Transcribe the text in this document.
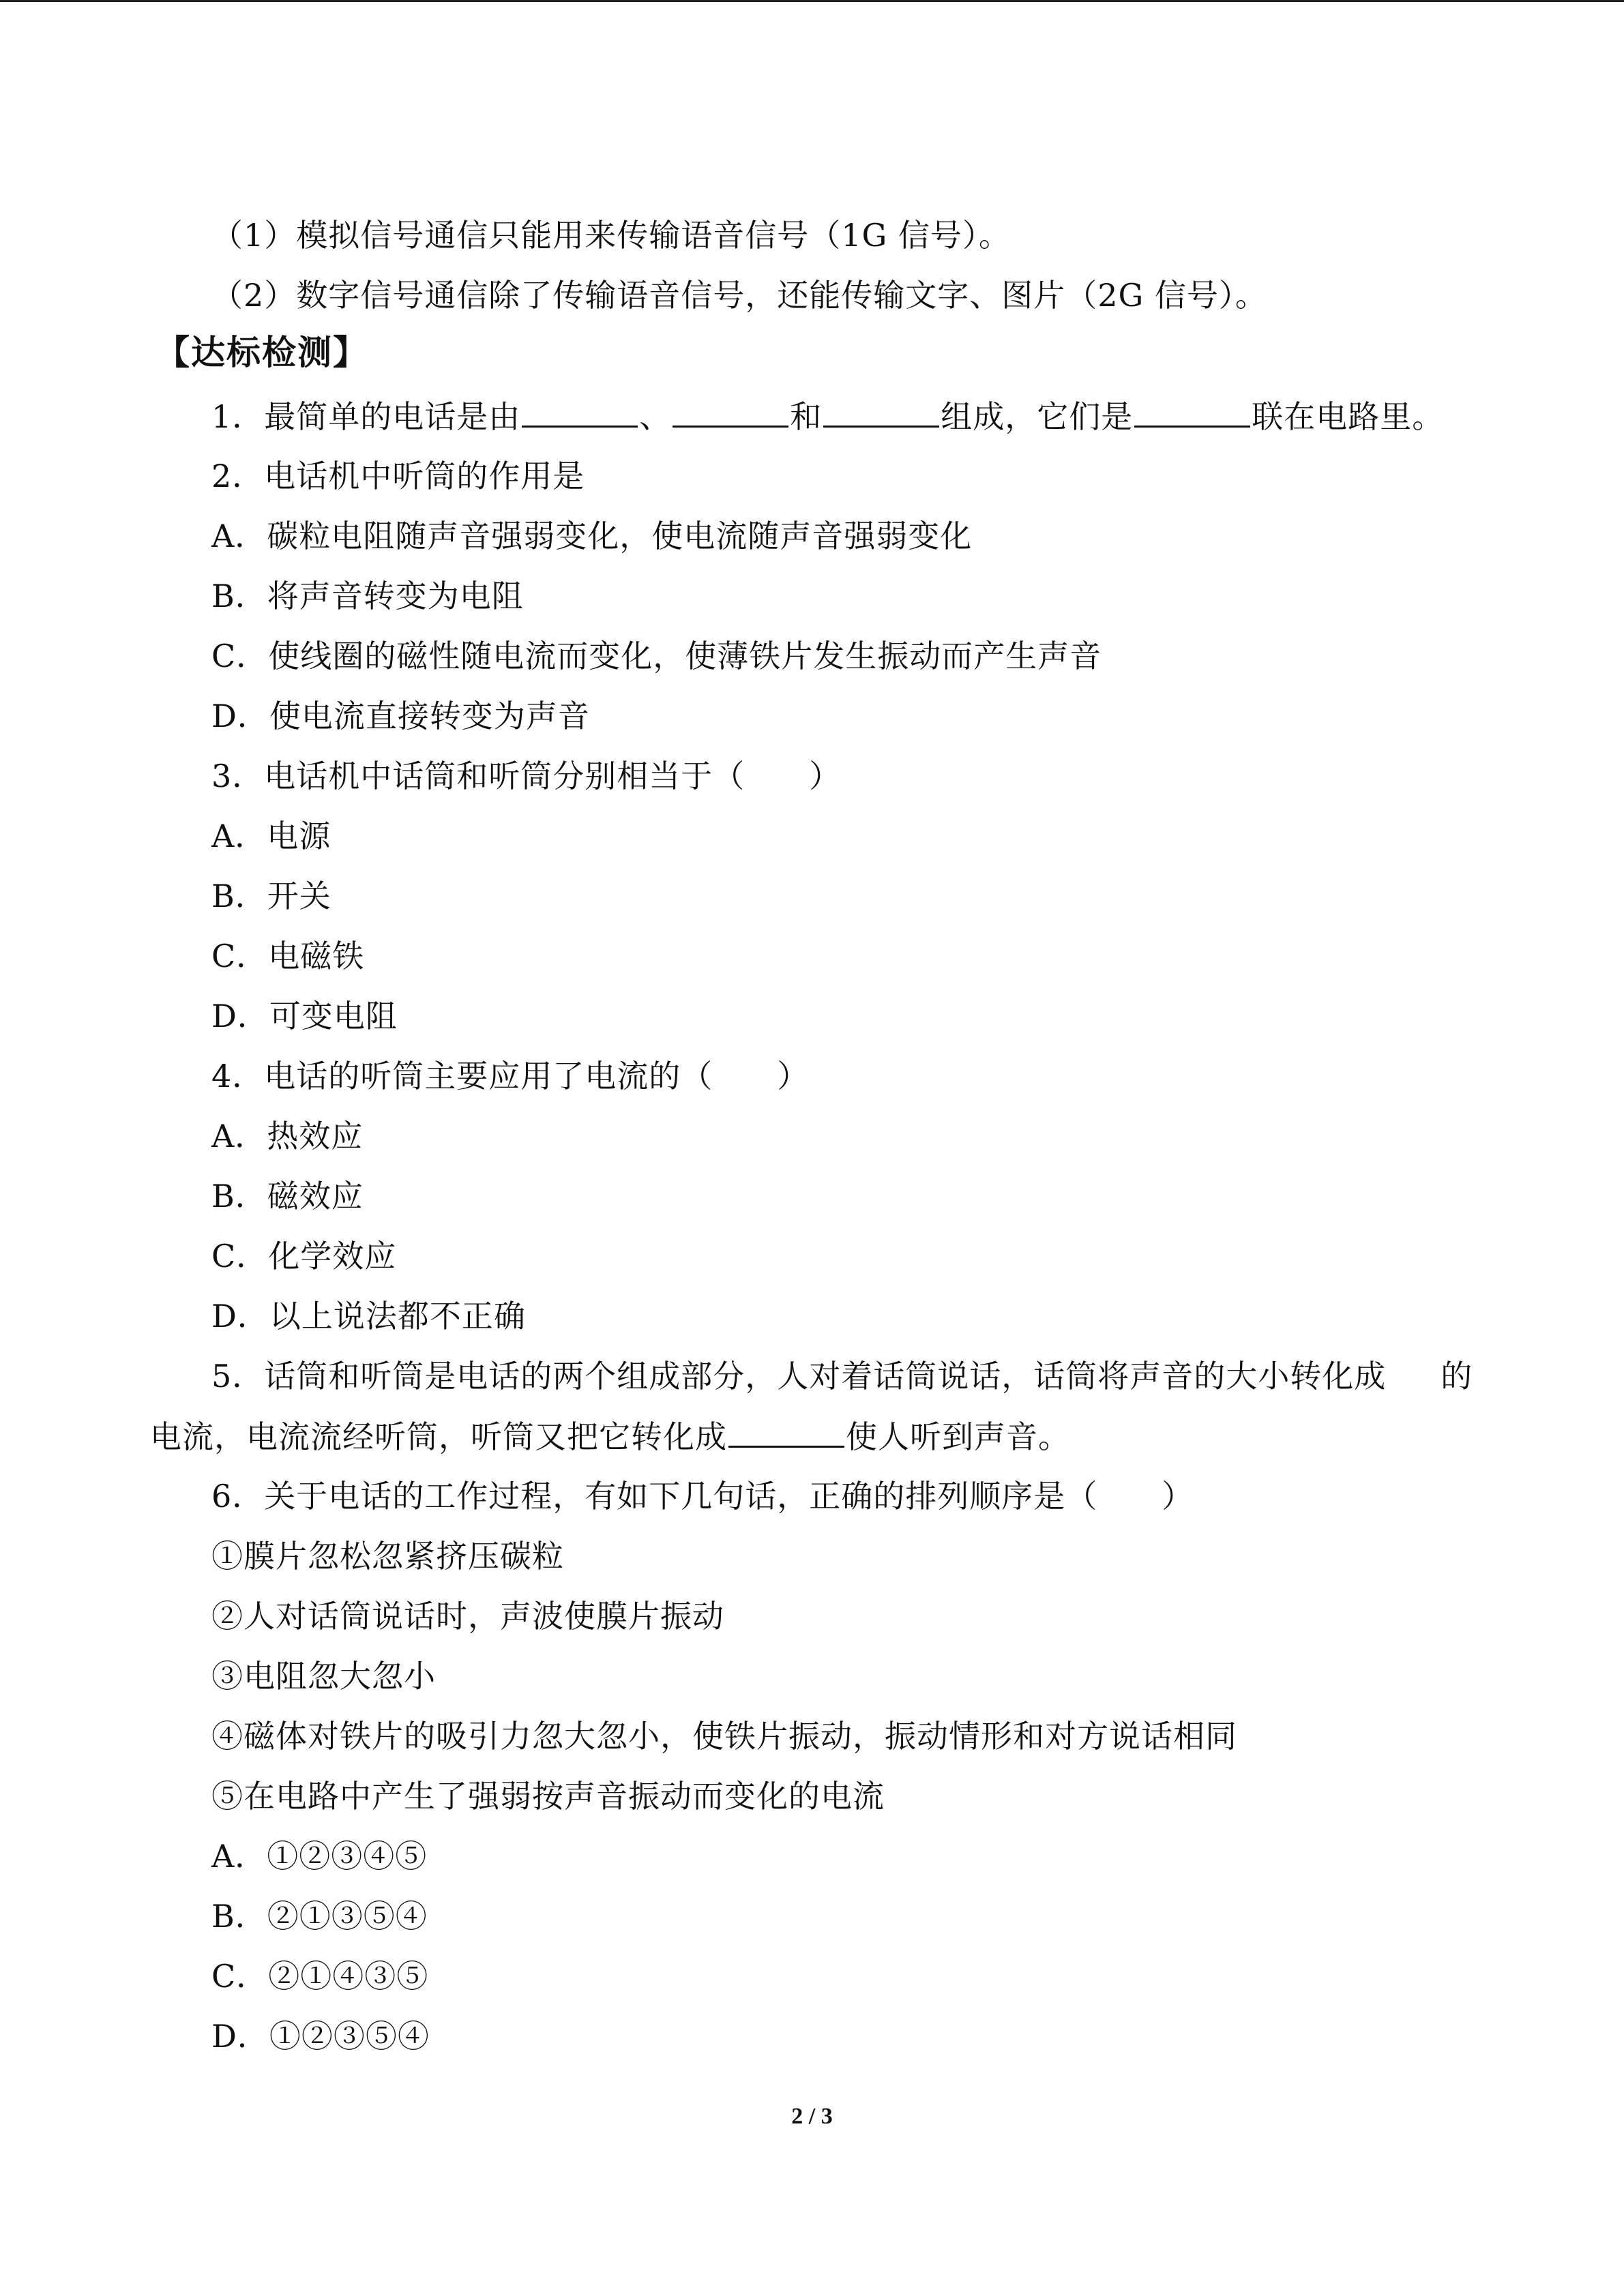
（1）模拟信号通信只能用来传输语音信号（1G 信号）。
（2）数字信号通信除了传输语音信号，还能传输文字、图片（2G 信号）。
【达标检测】
1．最简单的电话是由	、	和	组成，它们是	联在电路里。
2．电话机中听筒的作用是
A．碳粒电阻随声音强弱变化，使电流随声音强弱变化
B．将声音转变为电阻
C．使线圈的磁性随电流而变化，使薄铁片发生振动而产生声音
D．使电流直接转变为声音
3．电话机中话筒和听筒分别相当于（　　）
A．电源
B．开关
C．电磁铁
D．可变电阻
4．电话的听筒主要应用了电流的（　　）
A．热效应
B．磁效应
C．化学效应
D．以上说法都不正确
5．话筒和听筒是电话的两个组成部分，人对着话筒说话，话筒将声音的大小转化成 的
电流，电流流经听筒，听筒又把它转化成	使人听到声音。
6．关于电话的工作过程，有如下几句话，正确的排列顺序是（　　）
①膜片忽松忽紧挤压碳粒
②人对话筒说话时，声波使膜片振动
③电阻忽大忽小
④磁体对铁片的吸引力忽大忽小，使铁片振动，振动情形和对方说话相同
⑤在电路中产生了强弱按声音振动而变化的电流
A．①②③④⑤
B．②①③⑤④
C．②①④③⑤
D．①②③⑤④
2 / 3
